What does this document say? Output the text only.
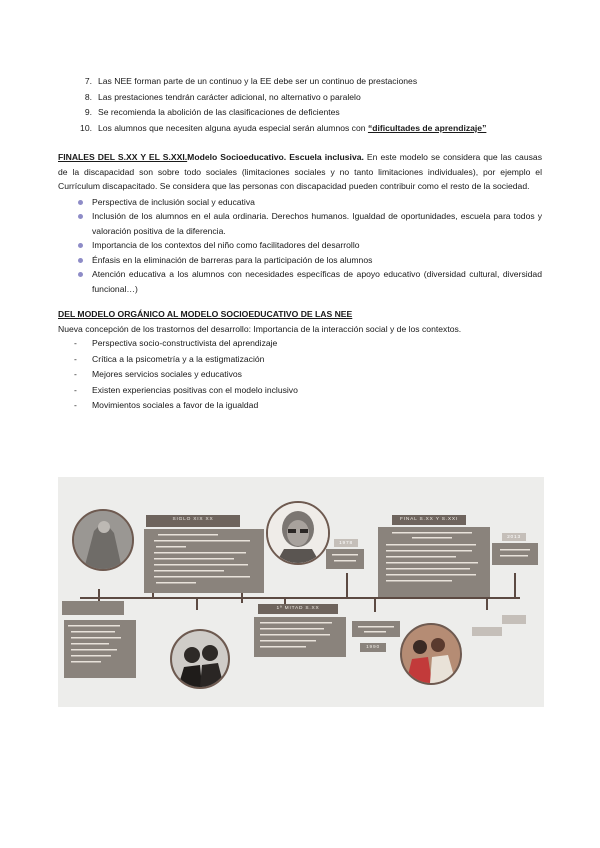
7. Las NEE forman parte de un continuo y la EE debe ser un continuo de prestaciones
8. Las prestaciones tendrán carácter adicional, no alternativo o paralelo
9. Se recomienda la abolición de las clasificaciones de deficientes
10. Los alumnos que necesiten alguna ayuda especial serán alumnos con “dificultades de aprendizaje”

FINALES DEL S.XX Y EL S.XXI.Modelo Socioeducativo. Escuela inclusiva. En este modelo se considera que las causas de la discapacidad son sobre todo sociales (limitaciones sociales y no tanto limitaciones individuales), por ejemplo el Currículum discapacitado. Se considera que las personas con discapacidad pueden contribuir como el resto de la sociedad.

Perspectiva de inclusión social y educativa
Inclusión de los alumnos en el aula ordinaria. Derechos humanos. Igualdad de oportunidades, escuela para todos y valoración positiva de la diferencia.
Importancia de los contextos del niño como facilitadores del desarrollo
Énfasis en la eliminación de barreras para la participación de los alumnos
Atención educativa a los alumnos con necesidades específicas de apoyo educativo (diversidad cultural, diversidad funcional…)
DEL MODELO ORGÁNICO AL MODELO SOCIOEDUCATIVO DE LAS NEE
Nueva concepción de los trastornos del desarrollo: Importancia de la interacción social y de los contextos.
- Perspectiva socio-constructivista del aprendizaje
- Crítica a la psicometría y a la estigmatización
- Mejores servicios sociales y educativos
- Existen experiencias positivas con el modelo inclusivo
- Movimientos sociales a favor de la igualdad
SIGLO XIX XX
1ª MITAD S.XX
1978
1990
FINAL S.XX Y S.XXI
2013
